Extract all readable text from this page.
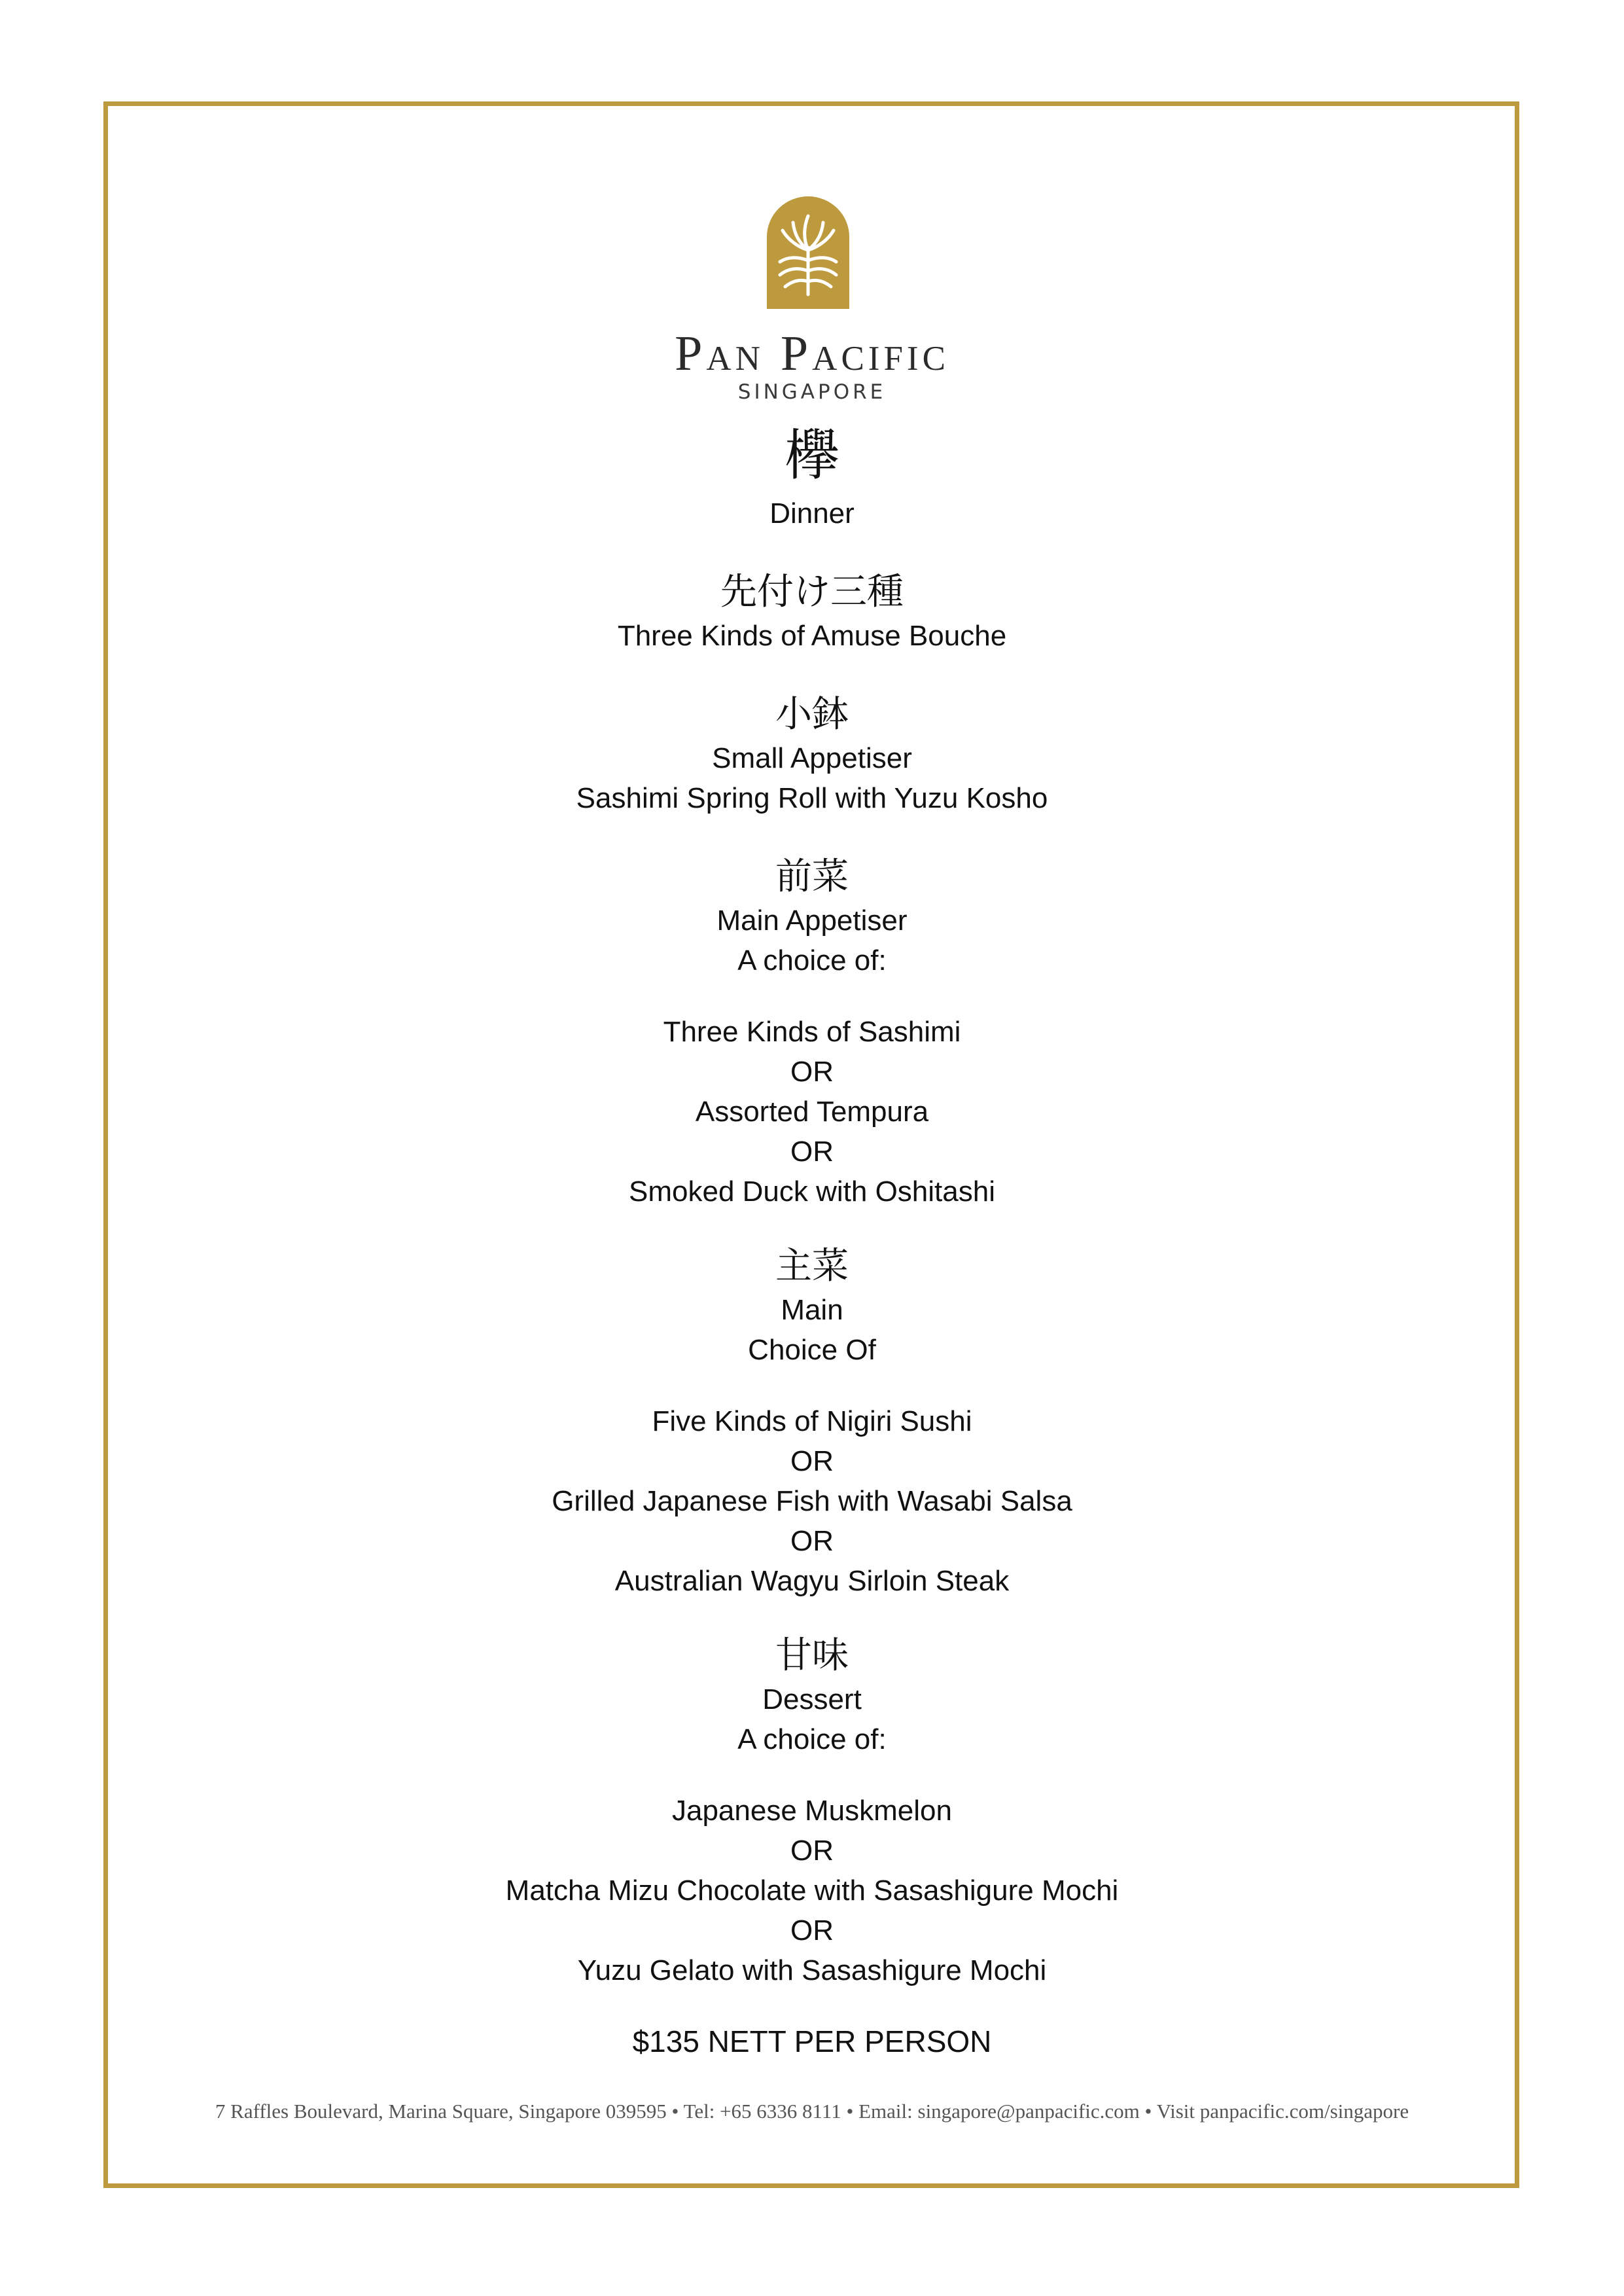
Pan Pacific
SINGAPORE
欅
Dinner
先付け三種
Three Kinds of Amuse Bouche
小鉢
Small Appetiser
Sashimi Spring Roll with Yuzu Kosho
前菜
Main Appetiser
A choice of:
Three Kinds of Sashimi
OR
Assorted Tempura
OR
Smoked Duck with Oshitashi
主菜
Main
Choice Of
Five Kinds of Nigiri Sushi
OR
Grilled Japanese Fish with Wasabi Salsa
OR
Australian Wagyu Sirloin Steak
甘味
Dessert
A choice of:
Japanese Muskmelon
OR
Matcha Mizu Chocolate with Sasashigure Mochi
OR
Yuzu Gelato with Sasashigure Mochi
$135 NETT PER PERSON
7 Raffles Boulevard, Marina Square, Singapore 039595 • Tel: +65 6336 8111 • Email: singapore@panpacific.com • Visit panpacific.com/singapore
